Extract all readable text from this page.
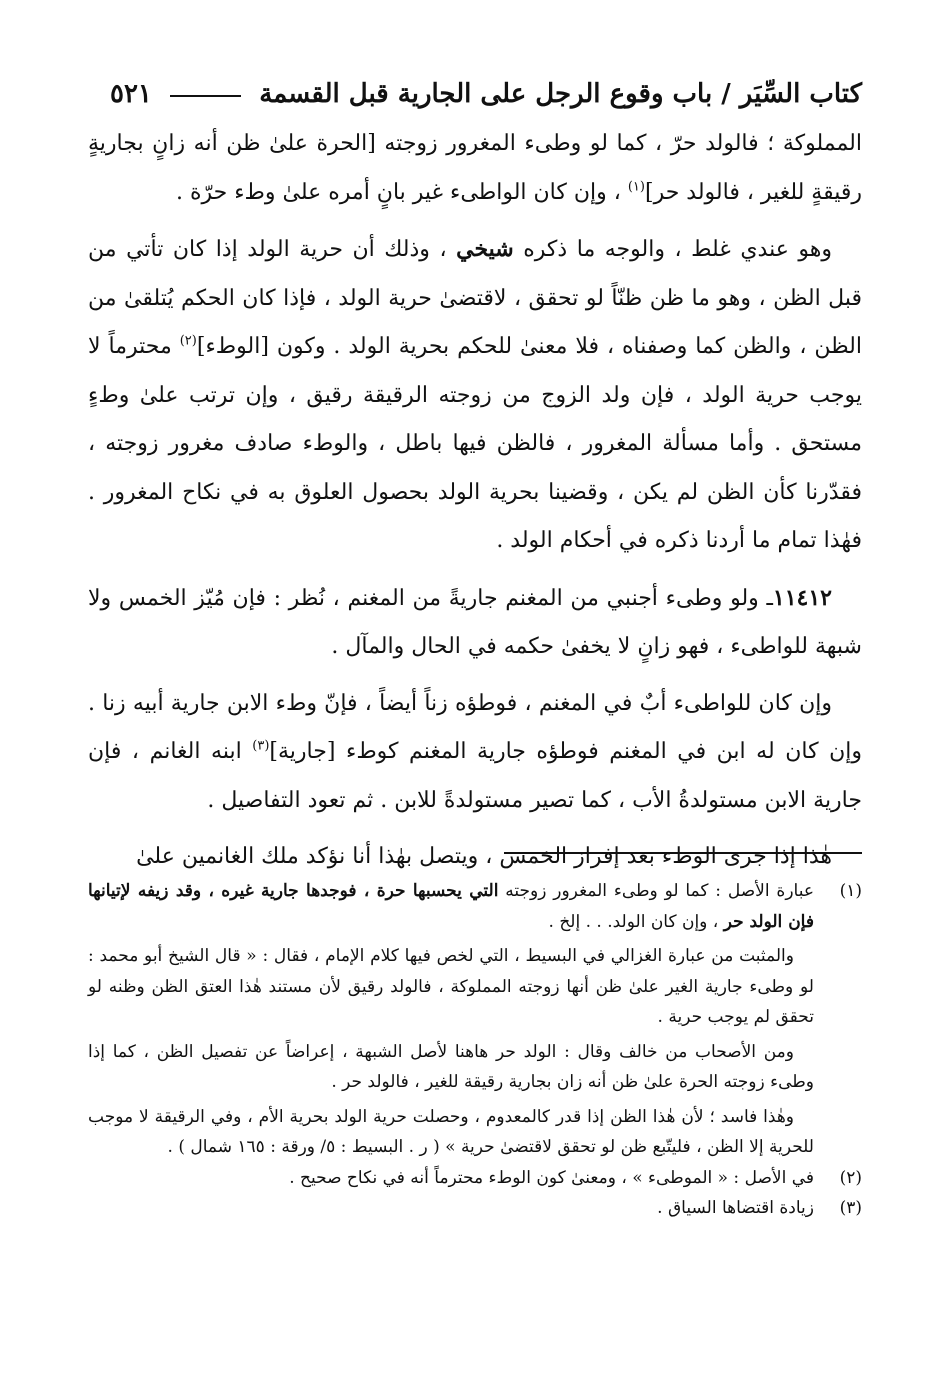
كتاب السِّيَر / باب وقوع الرجل على الجارية قبل القسمة
٥٢١

المملوكة ؛ فالولد حرّ ، كما لو وطىء المغرور زوجته [الحرة علىٰ ظن أنه زانٍ بجاريةٍ رقيقةٍ للغير ، فالولد حر]$^{(١)}$ ، وإن كان الواطىء غير بانٍ أمره علىٰ وطء حرّة .

وهو عندي غلط ، والوجه ما ذكره شيخي ، وذلك أن حرية الولد إذا كان تأتي من قبل الظن ، وهو ما ظن ظنّاً لو تحقق ، لاقتضىٰ حرية الولد ، فإذا كان الحكم يُتلقىٰ من الظن ، والظن كما وصفناه ، فلا معنىٰ للحكم بحرية الولد . وكون [الوطء]$^{(٢)}$ محترماً لا يوجب حرية الولد ، فإن ولد الزوج من زوجته الرقيقة رقيق ، وإن ترتب علىٰ وطءٍ مستحق . وأما مسألة المغرور ، فالظن فيها باطل ، والوطء صادف مغرور زوجته ، فقدّرنا كأن الظن لم يكن ، وقضينا بحرية الولد بحصول العلوق به في نكاح المغرور . فهٰذا تمام ما أردنا ذكره في أحكام الولد .

١١٤١٢ـ ولو وطىء أجنبي من المغنم جاريةً من المغنم ، نُظر : فإن مُيّز الخمس ولا شبهة للواطىء ، فهو زانٍ لا يخفىٰ حكمه في الحال والمآل .

وإن كان للواطىء أبٌ في المغنم ، فوطؤه زناً أيضاً ، فإنّ وطء الابن جارية أبيه زنا . وإن كان له ابن في المغنم فوطؤه جارية المغنم كوطء [جارية]$^{(٣)}$ ابنه الغانم ، فإن جارية الابن مستولدةُ الأب ، كما تصير مستولدةً للابن . ثم تعود التفاصيل .

هٰذا إذا جرى الوطء بعد إفراز الخمس ، ويتصل بهٰذا أنا نؤكد ملك الغانمين علىٰ

(١)

عبارة الأصل : كما لو وطىء المغرور زوجته التي يحسبها حرة ، فوجدها جارية غيره ، وقد زيفه لإتيانها فإن الولد حر ، وإن كان الولد. . . إلخ .

والمثبت من عبارة الغزالي في البسيط ، التي لخص فيها كلام الإمام ، فقال : « قال الشيخ أبو محمد : لو وطىء جارية الغير علىٰ ظن أنها زوجته المملوكة ، فالولد رقيق لأن مستند هٰذا العتق الظن وظنه لو تحقق لم يوجب حرية .

ومن الأصحاب من خالف وقال : الولد حر هاهنا لأصل الشبهة ، إعراضاً عن تفصيل الظن ، كما إذا وطىء زوجته الحرة علىٰ ظن أنه زان بجارية رقيقة للغير ، فالولد حر .

وهٰذا فاسد ؛ لأن هٰذا الظن إذا قدر كالمعدوم ، وحصلت حرية الولد بحرية الأم ، وفي الرقيقة لا موجب للحرية إلا الظن ، فليتّبع ظن لو تحقق لاقتضىٰ حرية » ( ر . البسيط : ٥/ ورقة : ١٦٥ شمال ) .

(٢)

في الأصل : « الموطىء » ، ومعنىٰ كون الوطء محترماً أنه في نكاح صحيح .

(٣)

زيادة اقتضاها السياق .
